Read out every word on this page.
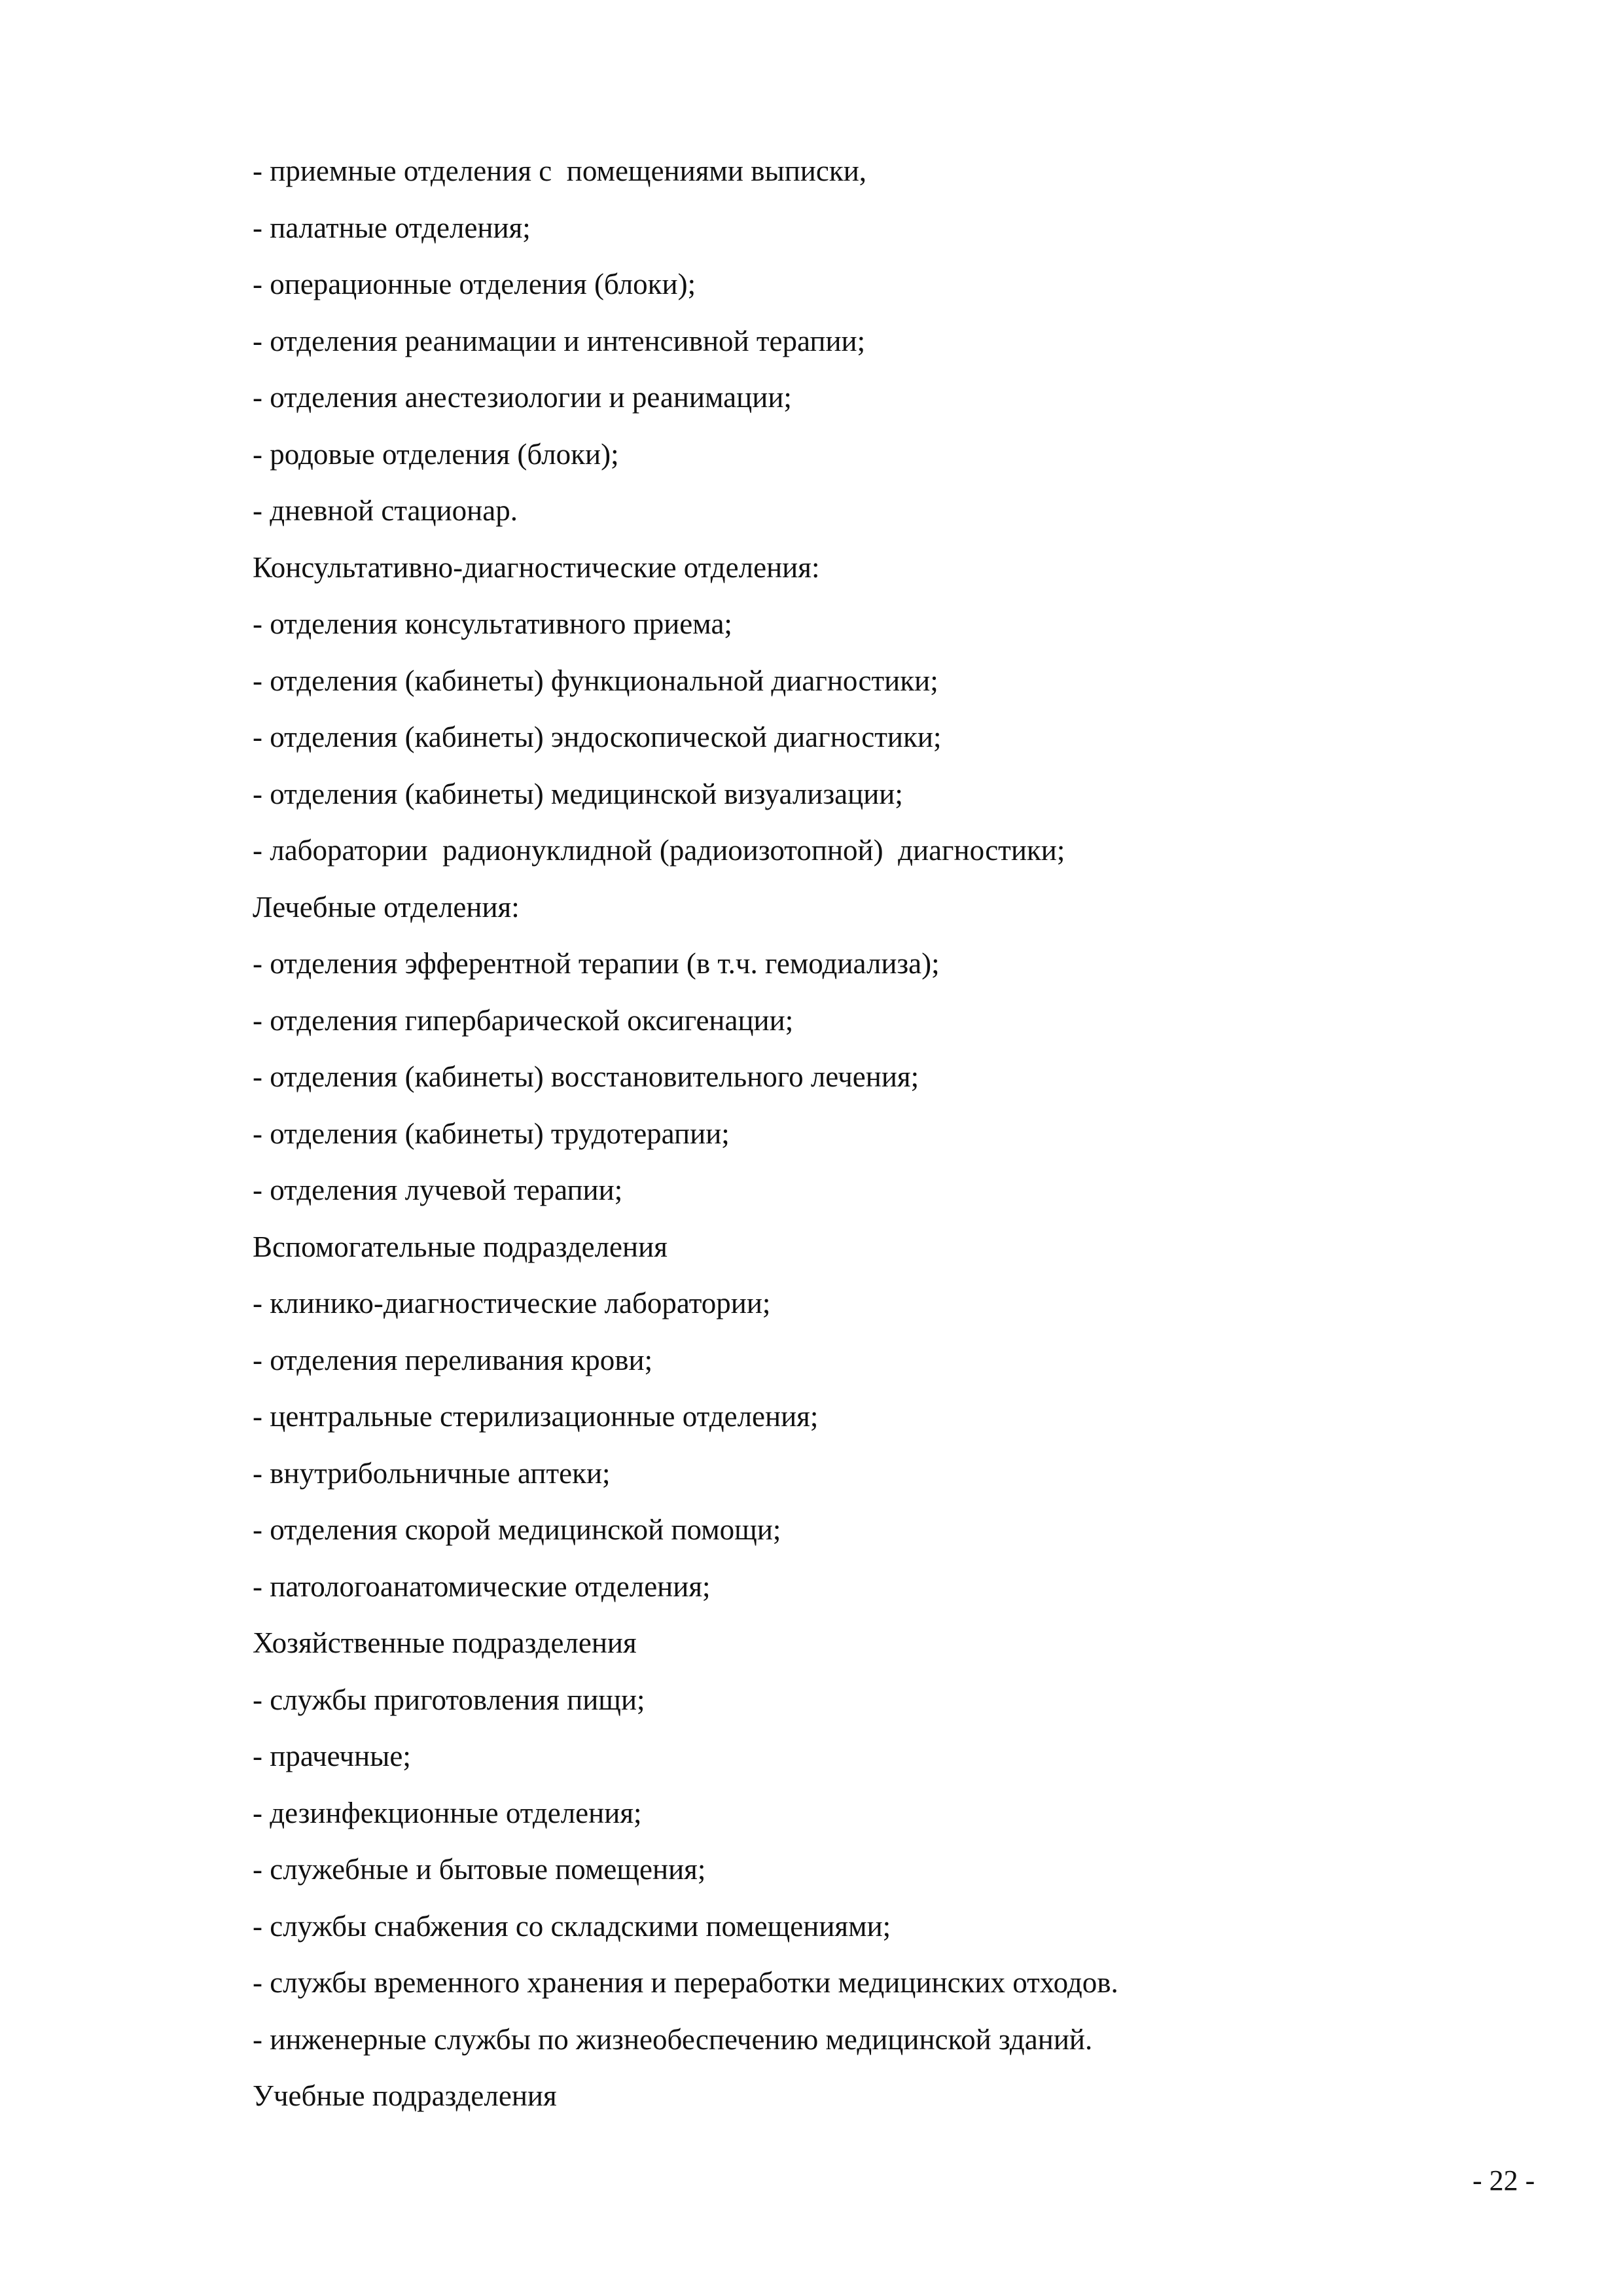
- приемные отделения с  помещениями выписки,
- палатные отделения;
- операционные отделения (блоки);
- отделения реанимации и интенсивной терапии;
- отделения анестезиологии и реанимации;
- родовые отделения (блоки);
- дневной стационар.
Консультативно-диагностические отделения:
- отделения консультативного приема;
- отделения (кабинеты) функциональной диагностики;
- отделения (кабинеты) эндоскопической диагностики;
- отделения (кабинеты) медицинской визуализации;
- лаборатории  радионуклидной (радиоизотопной)  диагностики;
Лечебные отделения:
- отделения эфферентной терапии (в т.ч. гемодиализа);
- отделения гипербарической оксигенации;
- отделения (кабинеты) восстановительного лечения;
- отделения (кабинеты) трудотерапии;
- отделения лучевой терапии;
Вспомогательные подразделения
- клинико-диагностические лаборатории;
- отделения переливания крови;
- центральные стерилизационные отделения;
- внутрибольничные аптеки;
- отделения скорой медицинской помощи;
- патологоанатомические отделения;
Хозяйственные подразделения
- службы приготовления пищи;
- прачечные;
- дезинфекционные отделения;
- служебные и бытовые помещения;
- службы снабжения со складскими помещениями;
- службы временного хранения и переработки медицинских отходов.
- инженерные службы по жизнеобеспечению медицинской зданий.
Учебные подразделения
- 22 -
